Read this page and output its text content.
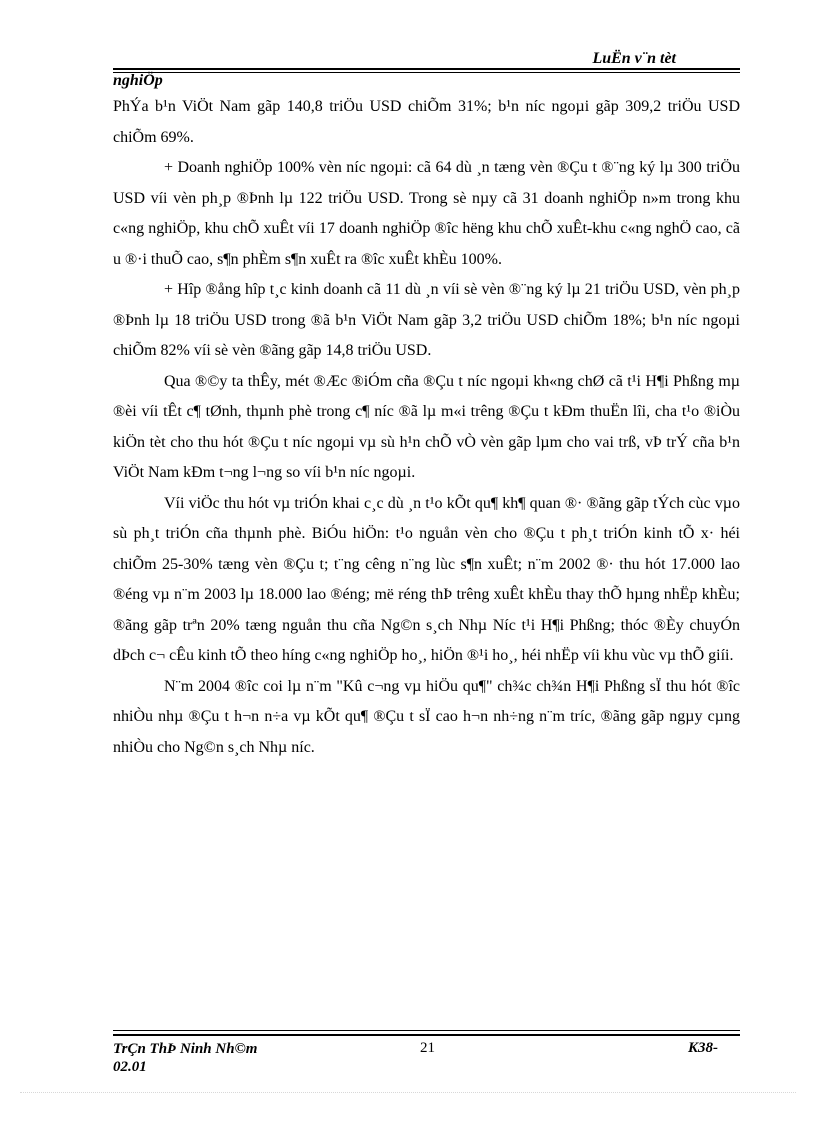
LuËn v¨n tèt
nghiÖp

PhÝa b¹n ViÖt Nam gãp 140,8 triÖu USD chiÕm 31%; b¹n níc ngoµi gãp 309,2 triÖu USD chiÕm 69%.

+ Doanh nghiÖp 100% vèn níc ngoµi: cã 64 dù ¸n tæng vèn ®Çu t ®¨ng ký lµ 300 triÖu USD víi vèn ph¸p ®Þnh lµ 122 triÖu USD. Trong sè nµy cã 31 doanh nghiÖp n»m trong khu c«ng nghiÖp, khu chÕ xuÊt víi 17 doanh nghiÖp ®îc hëng khu chÕ xuÊt-khu c«ng nghÖ cao, cã u ®·i thuÕ cao, s¶n phÈm s¶n xuÊt ra ®îc xuÊt khÈu 100%.

+ Hîp ®ång hîp t¸c kinh doanh cã 11 dù ¸n víi sè vèn ®¨ng ký lµ 21 triÖu USD, vèn ph¸p ®Þnh lµ 18 triÖu USD trong ®ã b¹n ViÖt Nam gãp 3,2 triÖu USD chiÕm 18%; b¹n níc ngoµi chiÕm 82% víi sè vèn ®ãng gãp 14,8 triÖu USD.

Qua ®©y ta thÊy, mét ®Æc ®iÓm cña ®Çu t níc ngoµi kh«ng chØ cã t¹i H¶i Phßng mµ ®èi víi tÊt c¶ tØnh, thµnh phè trong c¶ níc ®ã lµ m«i trêng ®Çu t kÐm thuËn lîi, cha t¹o ®iÒu kiÖn tèt cho thu hót ®Çu t níc ngoµi vµ sù h¹n chÕ vÒ vèn gãp lµm cho vai trß, vÞ trÝ cña b¹n ViÖt Nam kÐm t¬ng l¬ng so víi b¹n níc ngoµi.

Víi viÖc thu hót vµ triÓn khai c¸c dù ¸n t¹o kÕt qu¶ kh¶ quan ®· ®ãng gãp tÝch cùc vµo sù ph¸t triÓn cña thµnh phè. BiÓu hiÖn: t¹o nguån vèn cho ®Çu t ph¸t triÓn kinh tÕ x· héi chiÕm 25-30% tæng vèn ®Çu t; t¨ng cêng n¨ng lùc s¶n xuÊt; n¨m 2002 ®· thu hót 17.000 lao ®éng vµ n¨m 2003 lµ 18.000 lao ®éng; më réng thÞ trêng xuÊt khÈu thay thÕ hµng nhËp khÈu; ®ãng gãp trªn 20% tæng nguån thu cña Ng©n s¸ch Nhµ Níc t¹i H¶i Phßng; thóc ®Èy chuyÓn dÞch c¬ cÊu kinh tÕ theo híng c«ng nghiÖp ho¸, hiÖn ®¹i ho¸, héi nhËp víi khu vùc vµ thÕ giíi.

N¨m 2004 ®îc coi lµ n¨m "Kû c¬ng vµ hiÖu qu¶" ch¾c ch¾n H¶i Phßng sÏ thu hót ®îc nhiÒu nhµ ®Çu t h¬n n÷a vµ kÕt qu¶ ®Çu t sÏ cao h¬n nh÷ng n¨m tríc, ®ãng gãp ngµy cµng nhiÒu cho Ng©n s¸ch Nhµ níc.

TrÇn ThÞ Ninh Nh©m
02.01
21	K38-
